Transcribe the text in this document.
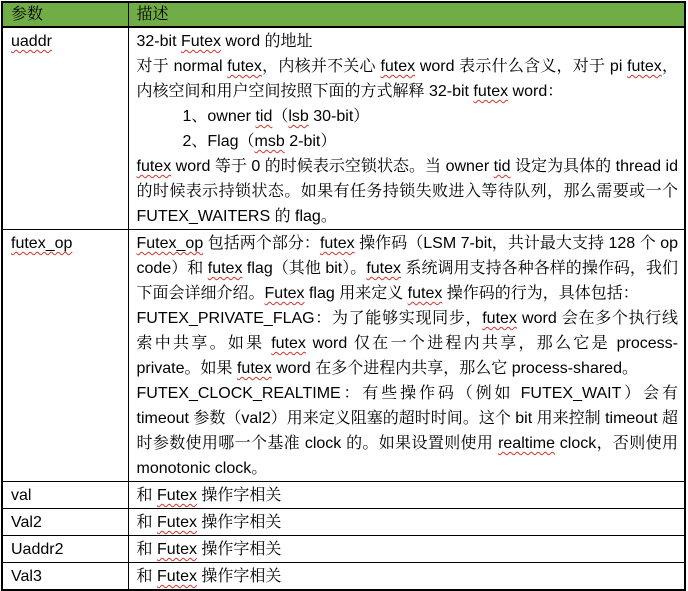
参数	描述
uaddr	32-bit Futex word 的地址
对于 normal futex，内核并不关心 futex word 表示什么含义，对于 pi futex，内核空间和用户空间按照下面的方式解释 32-bit futex word：
1、owner tid（lsb 30-bit）
2、Flag（msb 2-bit）
futex word 等于 0 的时候表示空锁状态。当 owner tid 设定为具体的 thread id 的时候表示持锁状态。如果有任务持锁失败进入等待队列，那么需要或一个 FUTEX_WAITERS 的 flag。

futex_op	Futex_op 包括两个部分：futex 操作码（LSM 7-bit，共计最大支持 128 个 op code）和 futex flag（其他 bit）。futex 系统调用支持各种各样的操作码，我们下面会详细介绍。Futex flag 用来定义 futex 操作码的行为，具体包括：
FUTEX_PRIVATE_FLAG：为了能够实现同步，futex word 会在多个执行线索中共享。如果 futex word 仅在一个进程内共享，那么它是 process-private。如果 futex word 在多个进程内共享，那么它 process-shared。
FUTEX_CLOCK_REALTIME：有些操作码（例如 FUTEX_WAIT）会有 timeout 参数（val2）用来定义阻塞的超时时间。这个 bit 用来控制 timeout 超时参数使用哪一个基准 clock 的。如果设置则使用 realtime clock，否则使用 monotonic clock。

val	和 Futex 操作字相关

Val2	和 Futex 操作字相关

Uaddr2	和 Futex 操作字相关

Val3	和 Futex 操作字相关
